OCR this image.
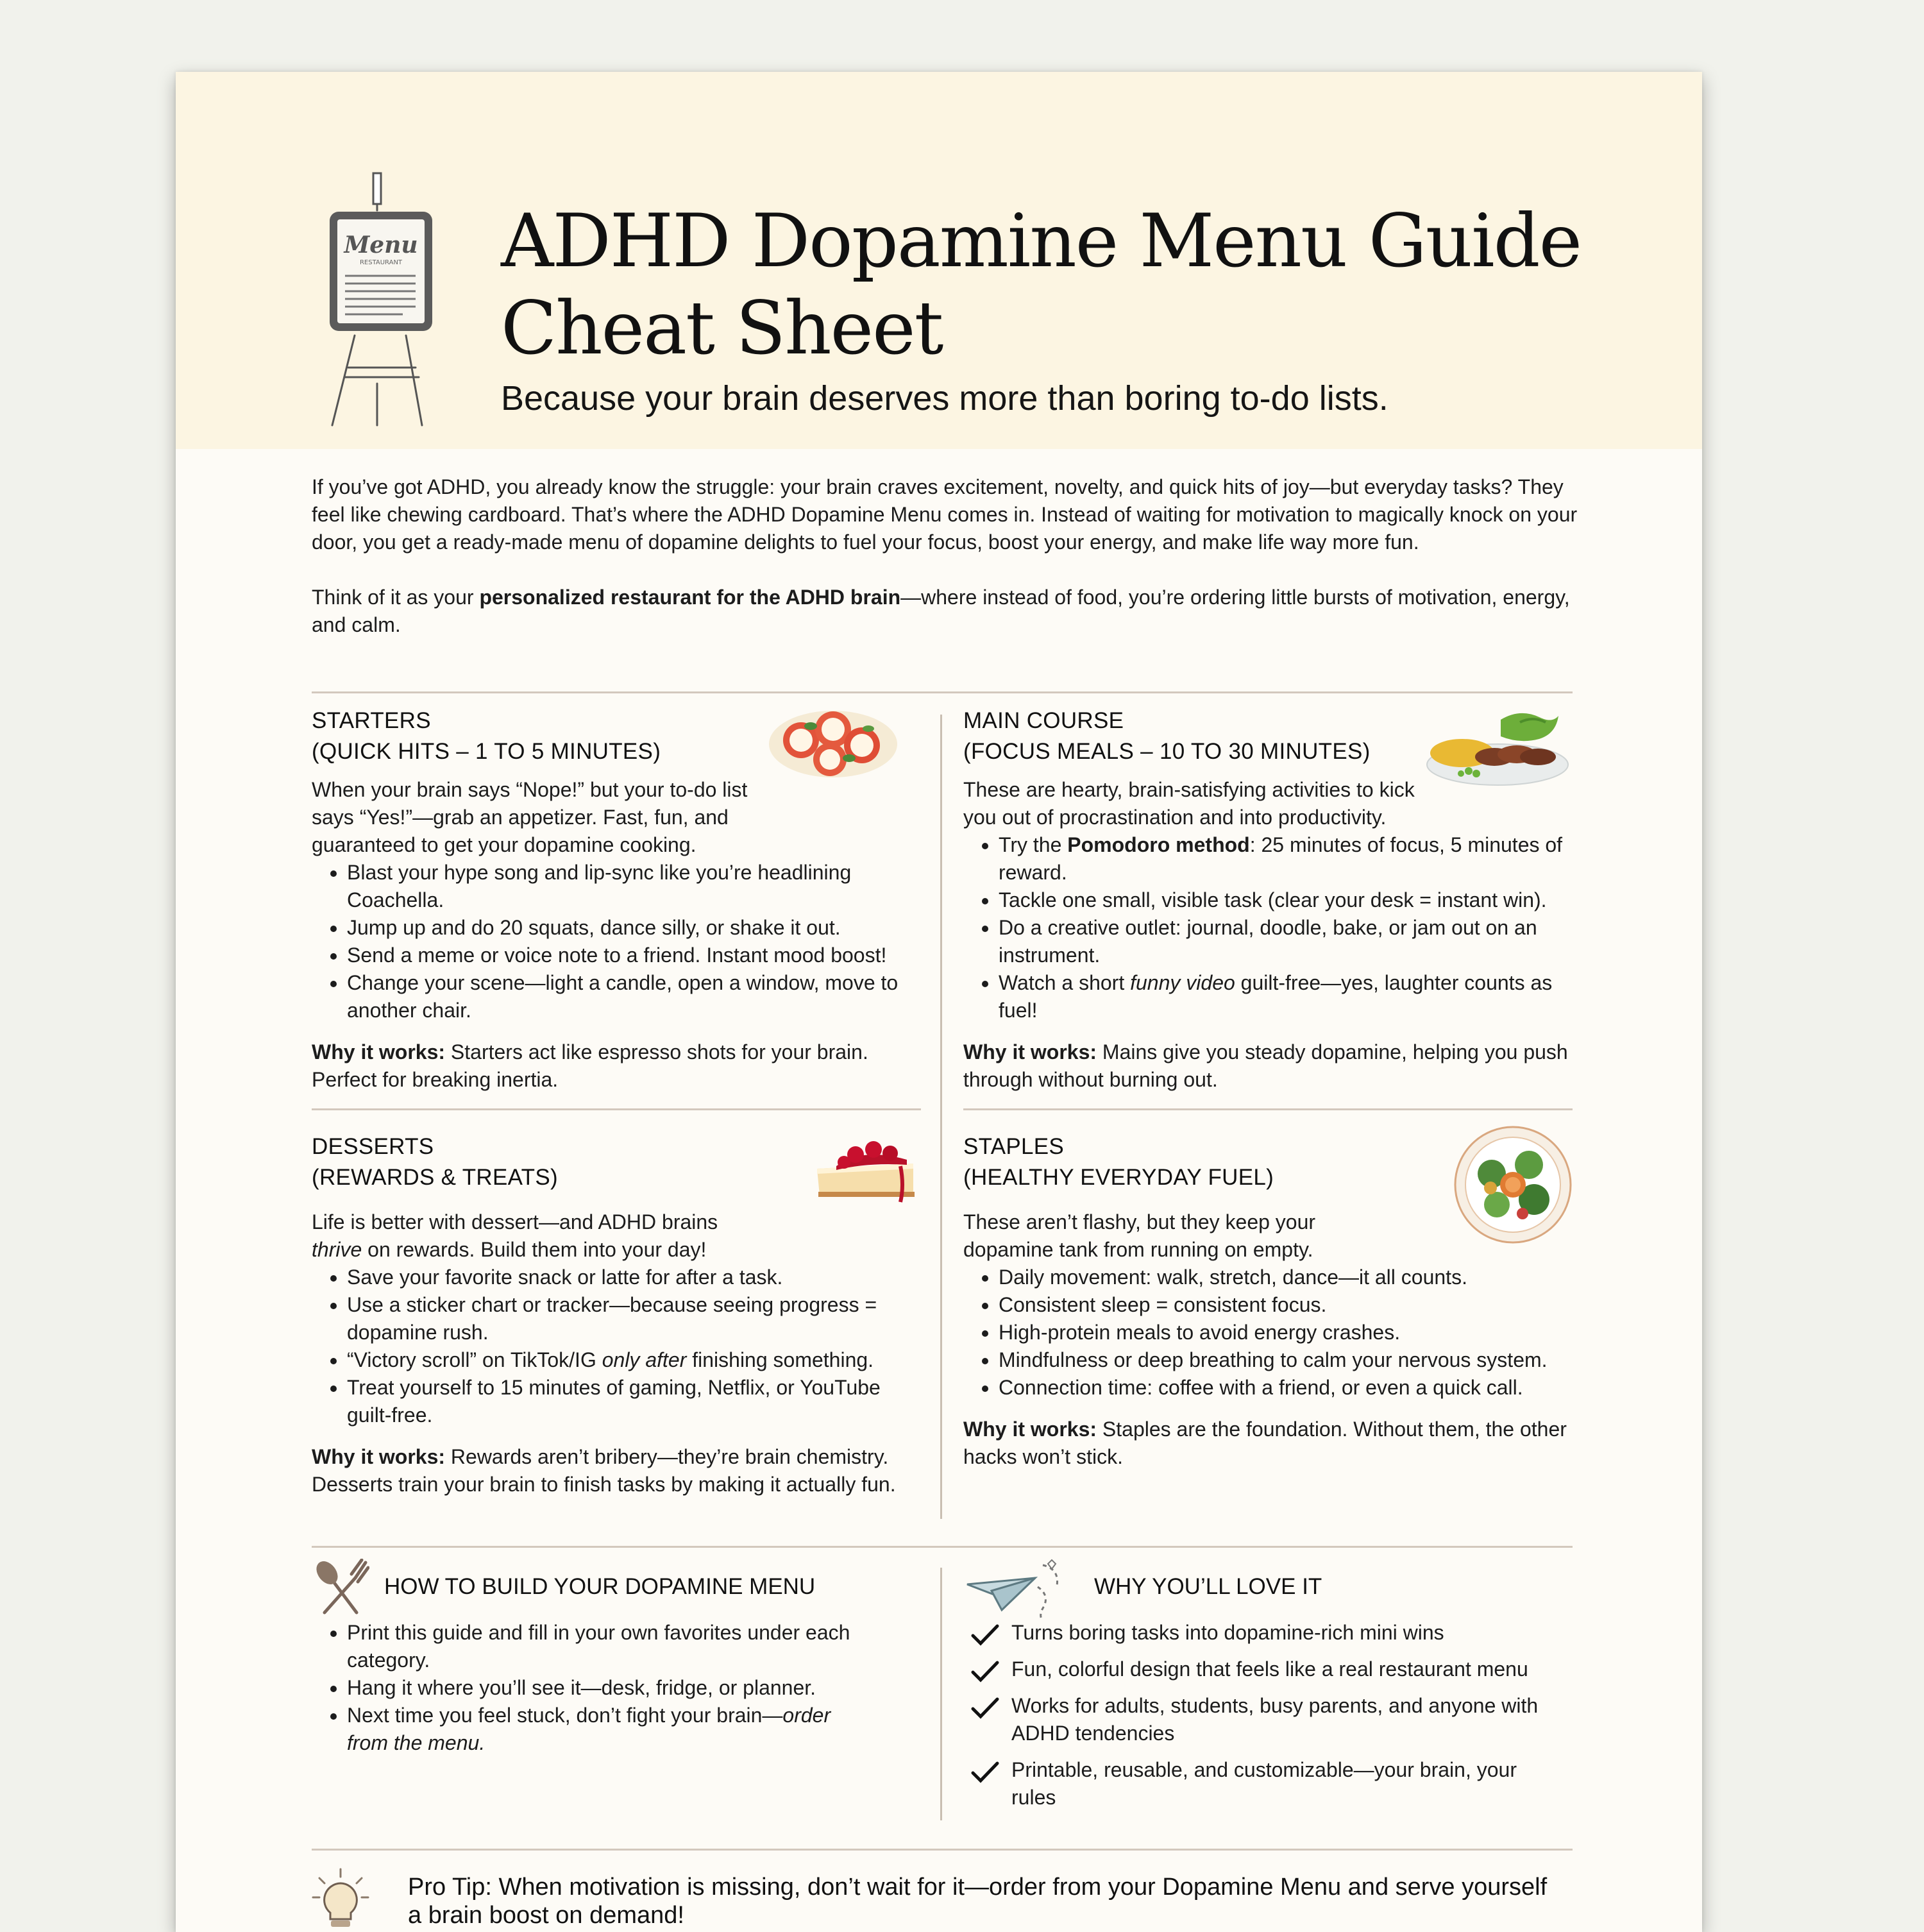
Menu
RESTAURANT ADHD Dopamine Menu Guide
Cheat Sheet
Because your brain deserves more than boring to-do lists.

If you’ve got ADHD, you already know the struggle: your brain craves excitement, novelty, and quick hits of joy—but everyday tasks? They feel like chewing cardboard. That’s where the ADHD Dopamine Menu comes in. Instead of waiting for motivation to magically knock on your door, you get a ready-made menu of dopamine delights to fuel your focus, boost your energy, and make life way more fun.

Think of it as your personalized restaurant for the ADHD brain—where instead of food, you’re ordering little bursts of motivation, energy, and calm.

STARTERS
(QUICK HITS – 1 TO 5 MINUTES)
When your brain says “Nope!” but your to-do list says “Yes!”—grab an appetizer. Fast, fun, and guaranteed to get your dopamine cooking.
• Blast your hype song and lip-sync like you’re headlining Coachella.
• Jump up and do 20 squats, dance silly, or shake it out.
• Send a meme or voice note to a friend. Instant mood boost!
• Change your scene—light a candle, open a window, move to another chair.
Why it works: Starters act like espresso shots for your brain. Perfect for breaking inertia.
MAIN COURSE
(FOCUS MEALS – 10 TO 30 MINUTES)
These are hearty, brain-satisfying activities to kick you out of procrastination and into productivity.
• Try the Pomodoro method: 25 minutes of focus, 5 minutes of reward.
• Tackle one small, visible task (clear your desk = instant win).
• Do a creative outlet: journal, doodle, bake, or jam out on an instrument.
• Watch a short funny video guilt-free—yes, laughter counts as fuel!
Why it works: Mains give you steady dopamine, helping you push through without burning out.
DESSERTS
(REWARDS & TREATS)
Life is better with dessert—and ADHD brains thrive on rewards. Build them into your day!
• Save your favorite snack or latte for after a task.
• Use a sticker chart or tracker—because seeing progress = dopamine rush.
• “Victory scroll” on TikTok/IG only after finishing something.
• Treat yourself to 15 minutes of gaming, Netflix, or YouTube guilt-free.
Why it works: Rewards aren’t bribery—they’re brain chemistry. Desserts train your brain to finish tasks by making it actually fun.
STAPLES
(HEALTHY EVERYDAY FUEL)
These aren’t flashy, but they keep your dopamine tank from running on empty.
• Daily movement: walk, stretch, dance—it all counts.
• Consistent sleep = consistent focus.
• High-protein meals to avoid energy crashes.
• Mindfulness or deep breathing to calm your nervous system.
• Connection time: coffee with a friend, or even a quick call.
Why it works: Staples are the foundation. Without them, the other hacks won’t stick.
HOW TO BUILD YOUR DOPAMINE MENU
• Print this guide and fill in your own favorites under each category.
• Hang it where you’ll see it—desk, fridge, or planner.
• Next time you feel stuck, don’t fight your brain—order from the menu.
WHY YOU’LL LOVE IT
Turns boring tasks into dopamine-rich mini wins
Fun, colorful design that feels like a real restaurant menu
Works for adults, students, busy parents, and anyone with ADHD tendencies
Printable, reusable, and customizable—your brain, your rules
Pro Tip: When motivation is missing, don’t wait for it—order from your Dopamine Menu and serve yourself a brain boost on demand!
